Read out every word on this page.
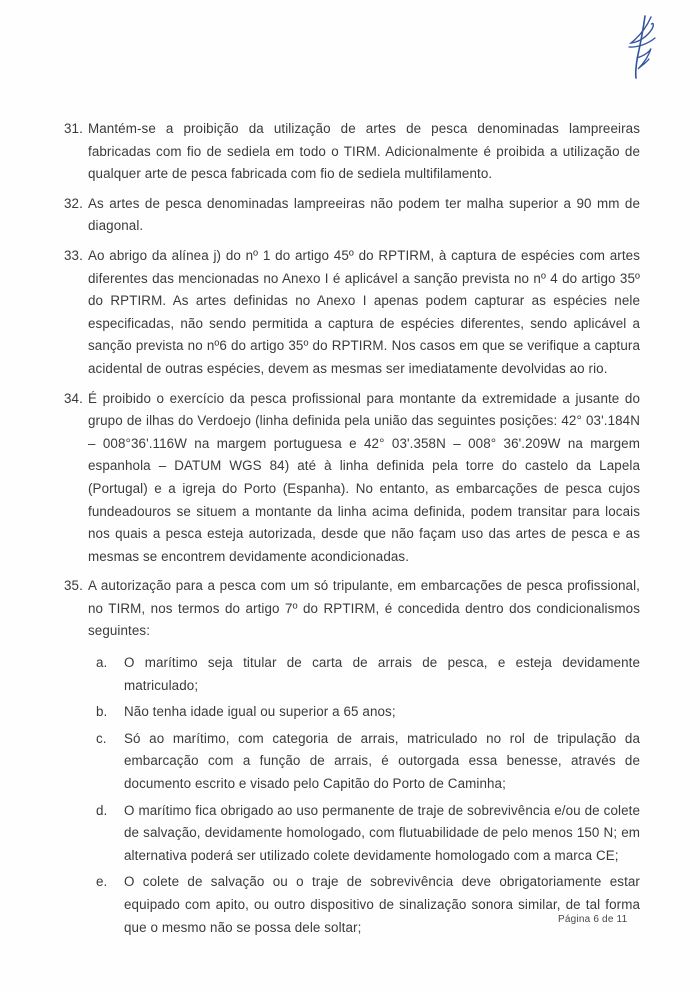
31. Mantém-se a proibição da utilização de artes de pesca denominadas lampreeiras fabricadas com fio de sediela em todo o TIRM. Adicionalmente é proibida a utilização de qualquer arte de pesca fabricada com fio de sediela multifilamento.

32. As artes de pesca denominadas lampreeiras não podem ter malha superior a 90 mm de diagonal.

33. Ao abrigo da alínea j) do nº 1 do artigo 45º do RPTIRM, à captura de espécies com artes diferentes das mencionadas no Anexo I é aplicável a sanção prevista no nº 4 do artigo 35º do RPTIRM. As artes definidas no Anexo I apenas podem capturar as espécies nele especificadas, não sendo permitida a captura de espécies diferentes, sendo aplicável a sanção prevista no nº6 do artigo 35º do RPTIRM. Nos casos em que se verifique a captura acidental de outras espécies, devem as mesmas ser imediatamente devolvidas ao rio.

34. É proibido o exercício da pesca profissional para montante da extremidade a jusante do grupo de ilhas do Verdoejo (linha definida pela união das seguintes posições: 42° 03'.184N – 008°36'.116W na margem portuguesa e 42° 03'.358N – 008° 36'.209W na margem espanhola – DATUM WGS 84) até à linha definida pela torre do castelo da Lapela (Portugal) e a igreja do Porto (Espanha). No entanto, as embarcações de pesca cujos fundeadouros se situem a montante da linha acima definida, podem transitar para locais nos quais a pesca esteja autorizada, desde que não façam uso das artes de pesca e as mesmas se encontrem devidamente acondicionadas.

35. A autorização para a pesca com um só tripulante, em embarcações de pesca profissional, no TIRM, nos termos do artigo 7º do RPTIRM, é concedida dentro dos condicionalismos seguintes:

a.	O marítimo seja titular de carta de arrais de pesca, e esteja devidamente matriculado;

b.	Não tenha idade igual ou superior a 65 anos;

c.	Só ao marítimo, com categoria de arrais, matriculado no rol de tripulação da embarcação com a função de arrais, é outorgada essa benesse, através de documento escrito e visado pelo Capitão do Porto de Caminha;

d.	O marítimo fica obrigado ao uso permanente de traje de sobrevivência e/ou de colete de salvação, devidamente homologado, com flutuabilidade de pelo menos 150 N; em alternativa poderá ser utilizado colete devidamente homologado com a marca CE;

e.	O colete de salvação ou o traje de sobrevivência deve obrigatoriamente estar equipado com apito, ou outro dispositivo de sinalização sonora similar, de tal forma que o mesmo não se possa dele soltar;

Página 6 de 11
